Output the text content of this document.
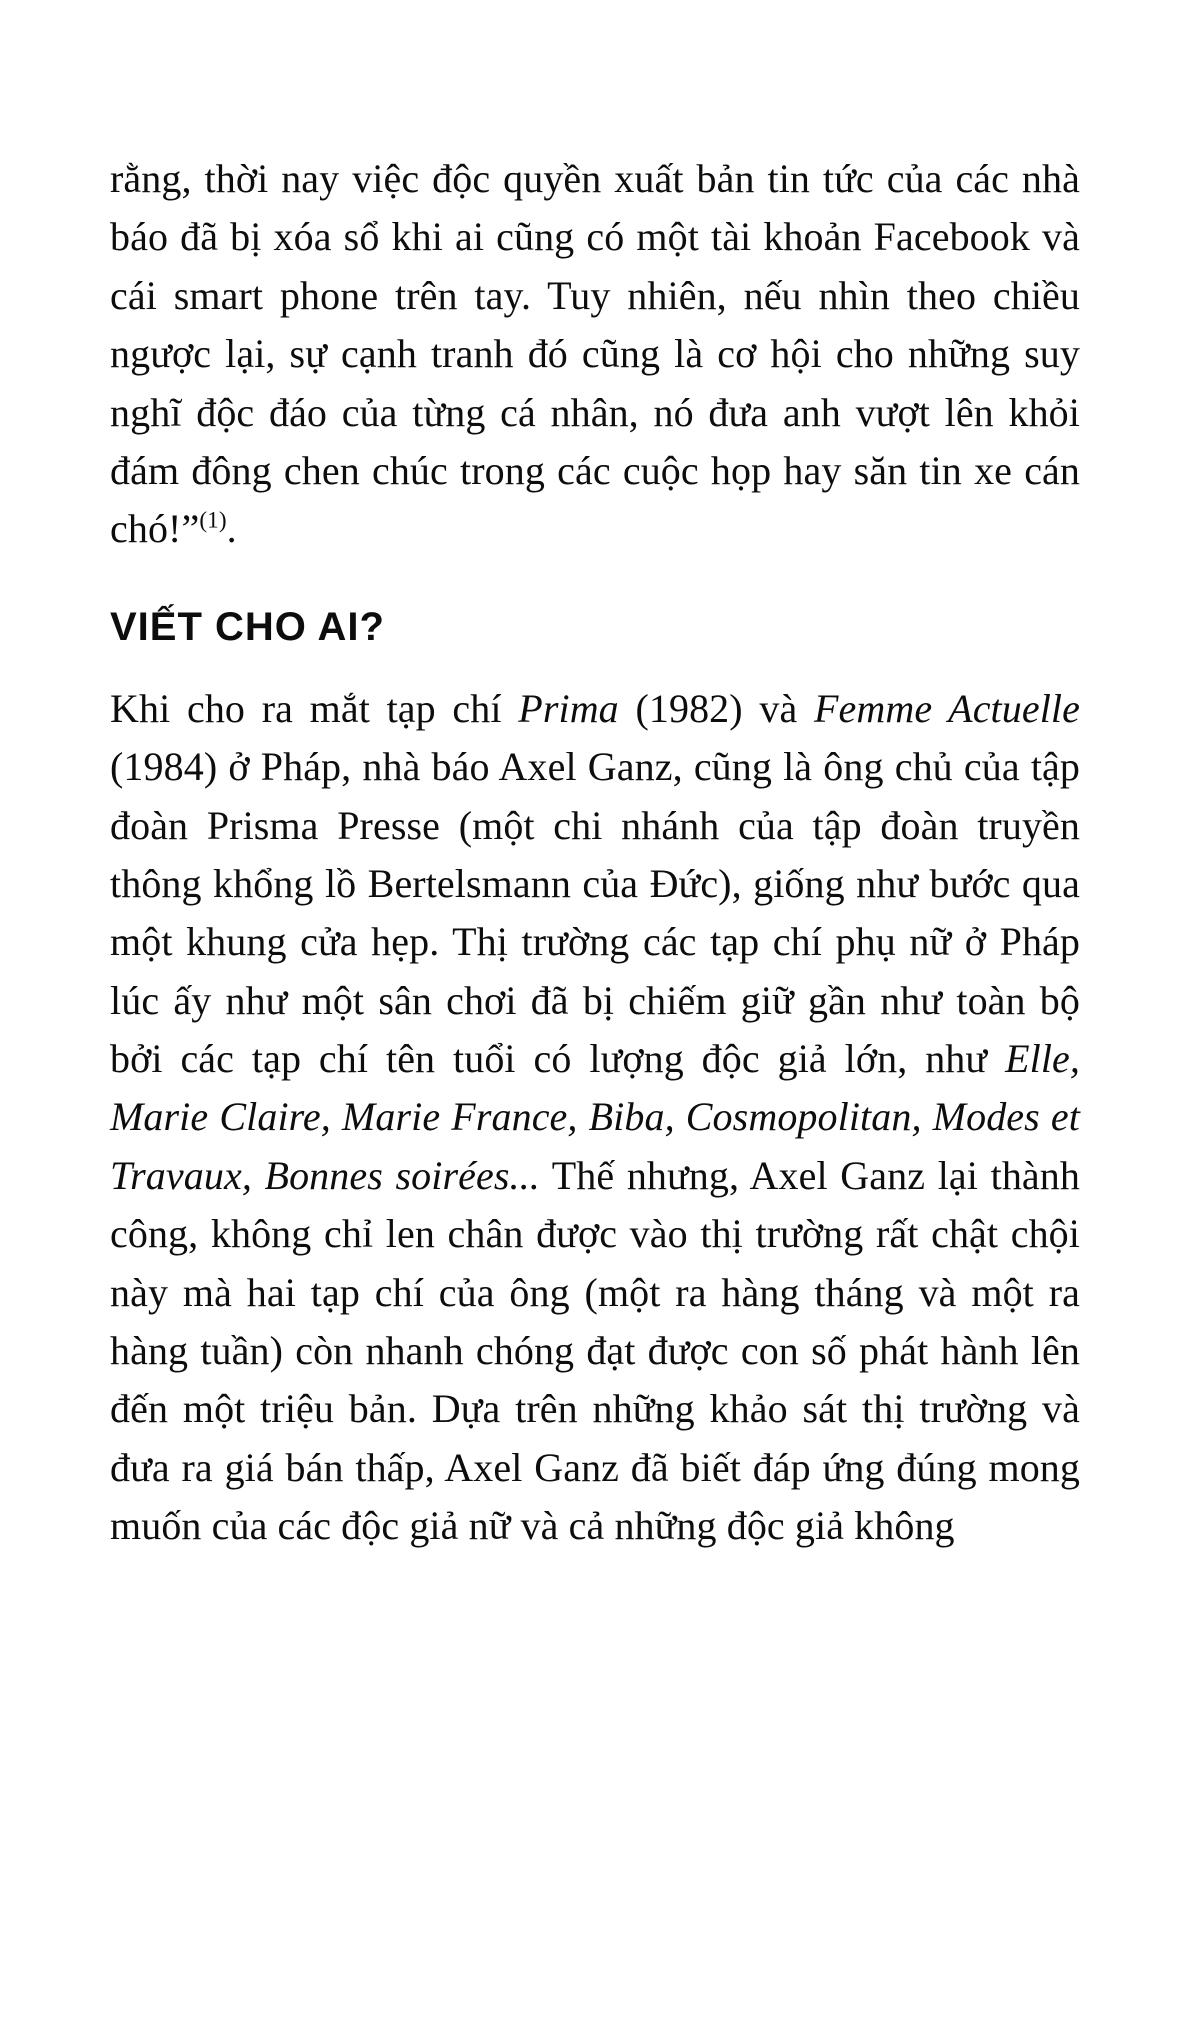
rằng, thời nay việc độc quyền xuất bản tin tức của các nhà báo đã bị xóa sổ khi ai cũng có một tài khoản Facebook và cái smart phone trên tay. Tuy nhiên, nếu nhìn theo chiều ngược lại, sự cạnh tranh đó cũng là cơ hội cho những suy nghĩ độc đáo của từng cá nhân, nó đưa anh vượt lên khỏi đám đông chen chúc trong các cuộc họp hay săn tin xe cán chó!”$^{(1)}$.

VIẾT CHO AI?

Khi cho ra mắt tạp chí Prima (1982) và Femme Actuelle (1984) ở Pháp, nhà báo Axel Ganz, cũng là ông chủ của tập đoàn Prisma Presse (một chi nhánh của tập đoàn truyền thông khổng lồ Bertelsmann của Đức), giống như bước qua một khung cửa hẹp. Thị trường các tạp chí phụ nữ ở Pháp lúc ấy như một sân chơi đã bị chiếm giữ gần như toàn bộ bởi các tạp chí tên tuổi có lượng độc giả lớn, như Elle, Marie Claire, Marie France, Biba, Cosmopolitan, Modes et Travaux, Bonnes soirées... Thế nhưng, Axel Ganz lại thành công, không chỉ len chân được vào thị trường rất chật chội này mà hai tạp chí của ông (một ra hàng tháng và một ra hàng tuần) còn nhanh chóng đạt được con số phát hành lên đến một triệu bản. Dựa trên những khảo sát thị trường và đưa ra giá bán thấp, Axel Ganz đã biết đáp ứng đúng mong muốn của các độc giả nữ và cả những độc giả không
